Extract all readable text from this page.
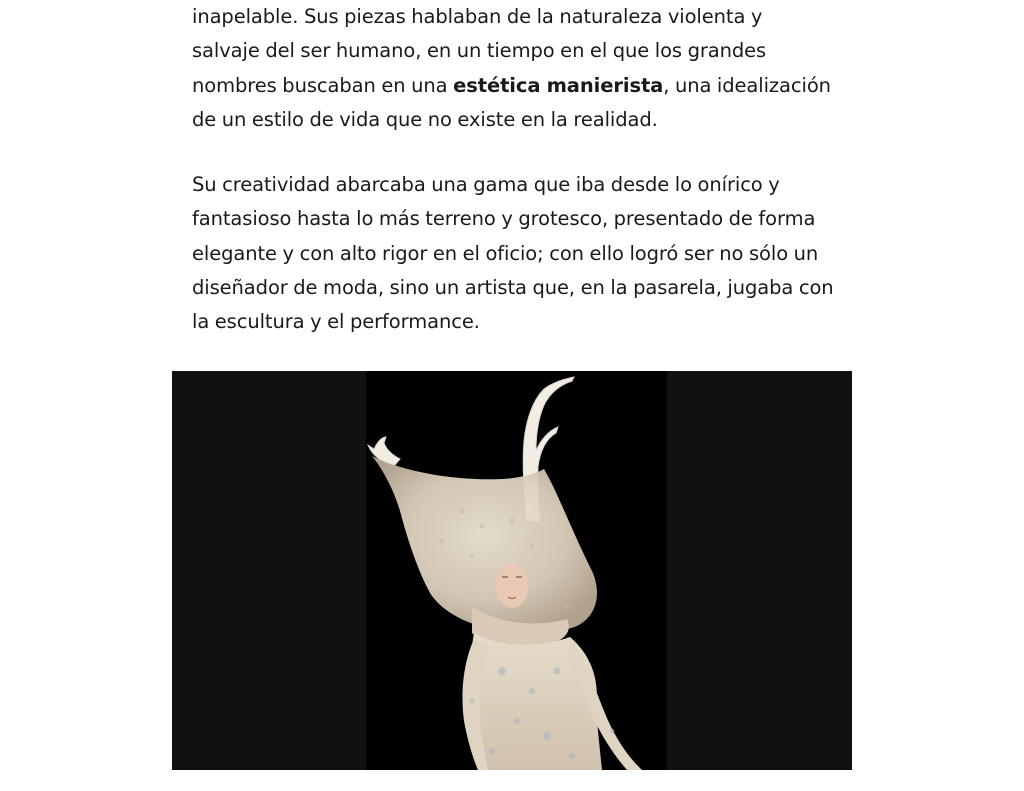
inapelable. Sus piezas hablaban de la naturaleza violenta y salvaje del ser humano, en un tiempo en el que los grandes nombres buscaban en una estética manierista, una idealización de un estilo de vida que no existe en la realidad.

Su creatividad abarcaba una gama que iba desde lo onírico y fantasioso hasta lo más terreno y grotesco, presentado de forma elegante y con alto rigor en el oficio; con ello logró ser no sólo un diseñador de moda, sino un artista que, en la pasarela, jugaba con la escultura y el performance.
